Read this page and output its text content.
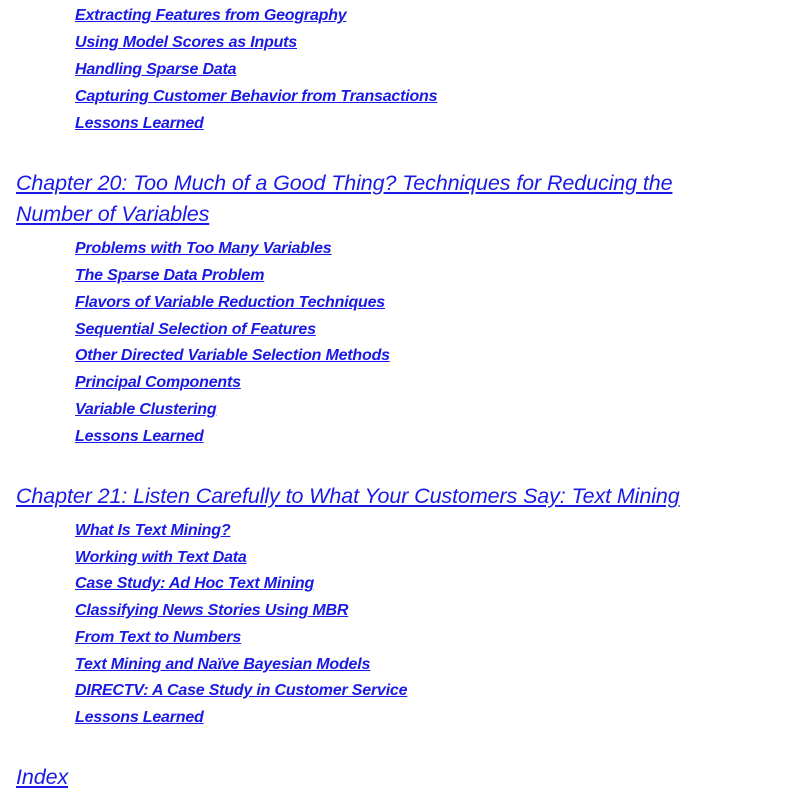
Extracting Features from Geography
Using Model Scores as Inputs
Handling Sparse Data
Capturing Customer Behavior from Transactions
Lessons Learned
Chapter 20: Too Much of a Good Thing? Techniques for Reducing the
Number of Variables
Problems with Too Many Variables
The Sparse Data Problem
Flavors of Variable Reduction Techniques
Sequential Selection of Features
Other Directed Variable Selection Methods
Principal Components
Variable Clustering
Lessons Learned
Chapter 21: Listen Carefully to What Your Customers Say: Text Mining
What Is Text Mining?
Working with Text Data
Case Study: Ad Hoc Text Mining
Classifying News Stories Using MBR
From Text to Numbers
Text Mining and Naïve Bayesian Models
DIRECTV: A Case Study in Customer Service
Lessons Learned
Index
